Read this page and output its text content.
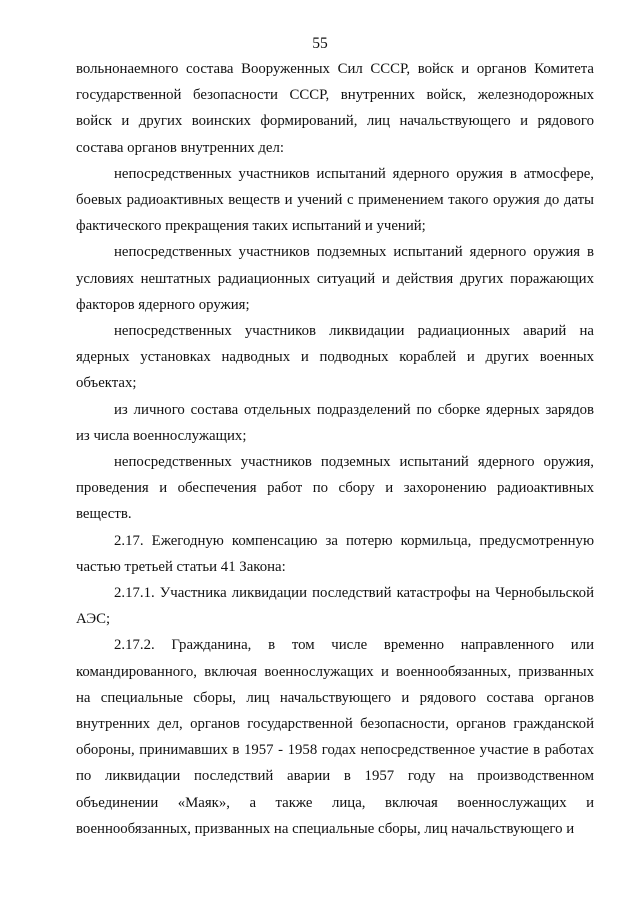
55

вольнонаемного состава Вооруженных Сил СССР, войск и органов Комитета государственной безопасности СССР, внутренних войск, железнодорожных войск и других воинских формирований, лиц начальствующего и рядового состава органов внутренних дел:

непосредственных участников испытаний ядерного оружия в атмосфере, боевых радиоактивных веществ и учений с применением такого оружия до даты фактического прекращения таких испытаний и учений;

непосредственных участников подземных испытаний ядерного оружия в условиях нештатных радиационных ситуаций и действия других поражающих факторов ядерного оружия;

непосредственных участников ликвидации радиационных аварий на ядерных установках надводных и подводных кораблей и других военных объектах;

из личного состава отдельных подразделений по сборке ядерных зарядов из числа военнослужащих;

непосредственных участников подземных испытаний ядерного оружия, проведения и обеспечения работ по сбору и захоронению радиоактивных веществ.

2.17. Ежегодную компенсацию за потерю кормильца, предусмотренную частью третьей статьи 41 Закона:

2.17.1. Участника ликвидации последствий катастрофы на Чернобыльской АЭС;

2.17.2. Гражданина, в том числе временно направленного или командированного, включая военнослужащих и военнообязанных, призванных на специальные сборы, лиц начальствующего и рядового состава органов внутренних дел, органов государственной безопасности, органов гражданской обороны, принимавших в 1957 - 1958 годах непосредственное участие в работах по ликвидации последствий аварии в 1957 году на производственном объединении «Маяк», а также лица, включая военнослужащих и военнообязанных, призванных на специальные сборы, лиц начальствующего и
